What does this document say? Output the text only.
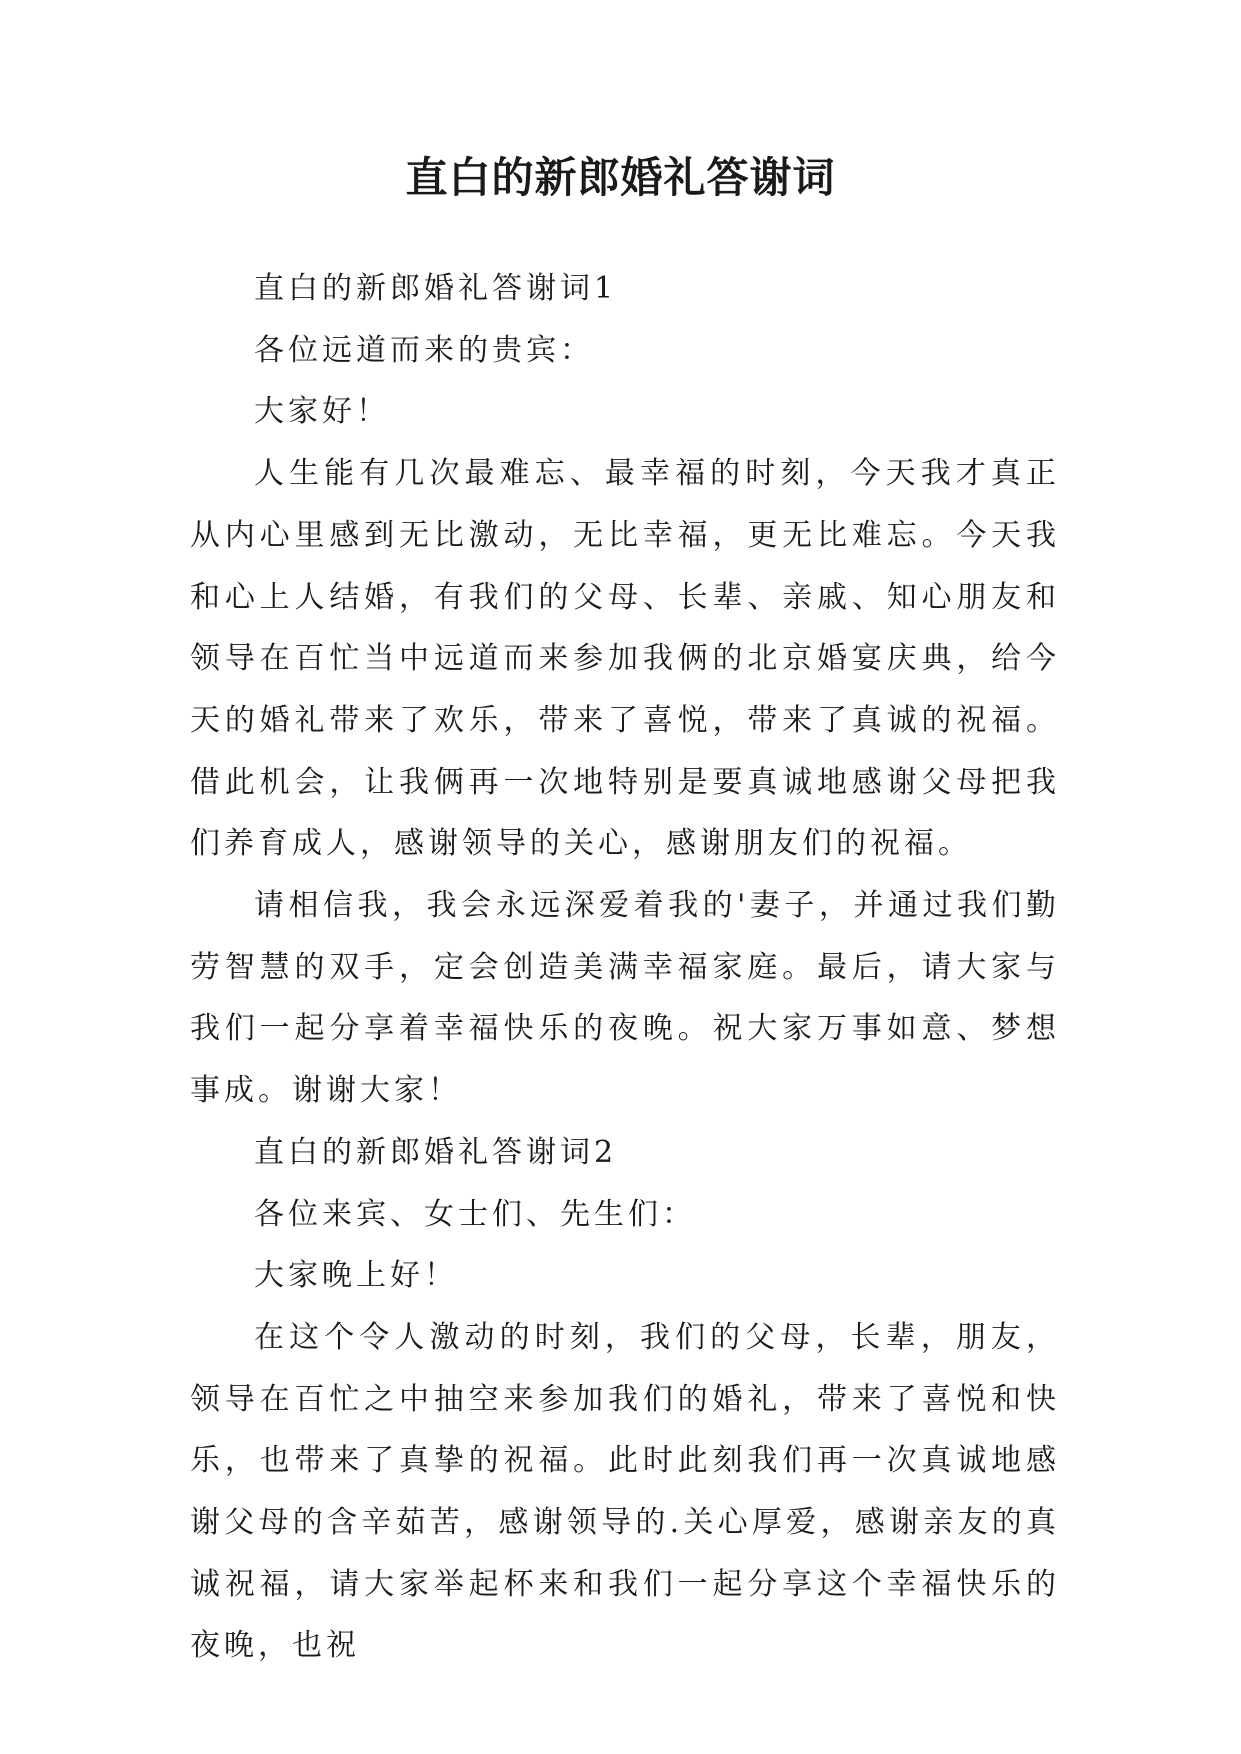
直白的新郎婚礼答谢词

直白的新郎婚礼答谢词1

各位远道而来的贵宾：

大家好！

人生能有几次最难忘、最幸福的时刻，今天我才真正从内心里感到无比激动，无比幸福，更无比难忘。今天我和心上人结婚，有我们的父母、长辈、亲戚、知心朋友和领导在百忙当中远道而来参加我俩的北京婚宴庆典，给今天的婚礼带来了欢乐，带来了喜悦，带来了真诚的祝福。借此机会，让我俩再一次地特别是要真诚地感谢父母把我们养育成人，感谢领导的关心，感谢朋友们的祝福。

请相信我，我会永远深爱着我的'妻子，并通过我们勤劳智慧的双手，定会创造美满幸福家庭。最后，请大家与我们一起分享着幸福快乐的夜晚。祝大家万事如意、梦想事成。谢谢大家！

直白的新郎婚礼答谢词2

各位来宾、女士们、先生们：

大家晚上好！

在这个令人激动的时刻，我们的父母，长辈，朋友，领导在百忙之中抽空来参加我们的婚礼，带来了喜悦和快乐，也带来了真挚的祝福。此时此刻我们再一次真诚地感谢父母的含辛茹苦，感谢领导的.关心厚爱，感谢亲友的真诚祝福，请大家举起杯来和我们一起分享这个幸福快乐的夜晚，也祝
